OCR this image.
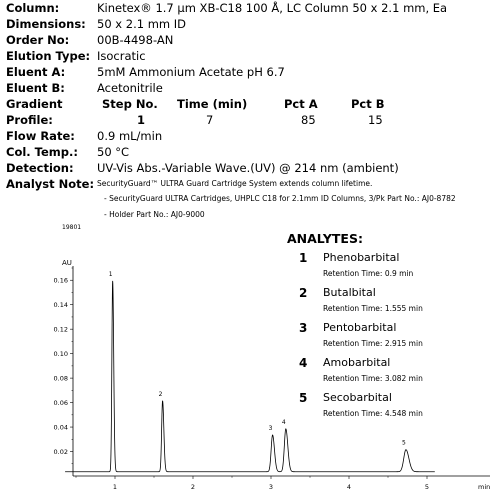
Column:	Kinetex® 1.7 µm XB-C18 100 Å, LC Column 50 x 2.1 mm, Ea
Dimensions: 50 x 2.1 mm ID
Order No: 00B-4498-AN
Elution Type: Isocratic
Eluent A:	5mM Ammonium Acetate pH 6.7
Eluent B:	Acetonitrile
Gradient	Step No. Time (min)	Pct A	Pct B
Profile:	1	7	85	15
Flow Rate: 0.9 mL/min
Col. Temp.: 50 °C
Detection: UV-Vis Abs.-Variable Wave.(UV) @ 214 nm (ambient)
Analyst Note: SecurityGuard™ ULTRA Guard Cartridge System extends column lifetime.
- SecurityGuard ULTRA Cartridges, UHPLC C18 for 2.1mm ID Columns, 3/Pk Part No.: AJ0-8782
- Holder Part No.: AJ0-9000
19801
AU
0.02
0.04
0.06
0.08
0.10
0.12
0.14
0.16
1	2	3	4	5	min
1
2
3
4
5
ANALYTES:
1 Phenobarbital
Retention Time: 0.9 min
2 Butalbital
Retention Time: 1.555 min
3 Pentobarbital
Retention Time: 2.915 min
4 Amobarbital
Retention Time: 3.082 min
5 Secobarbital
Retention Time: 4.548 min
